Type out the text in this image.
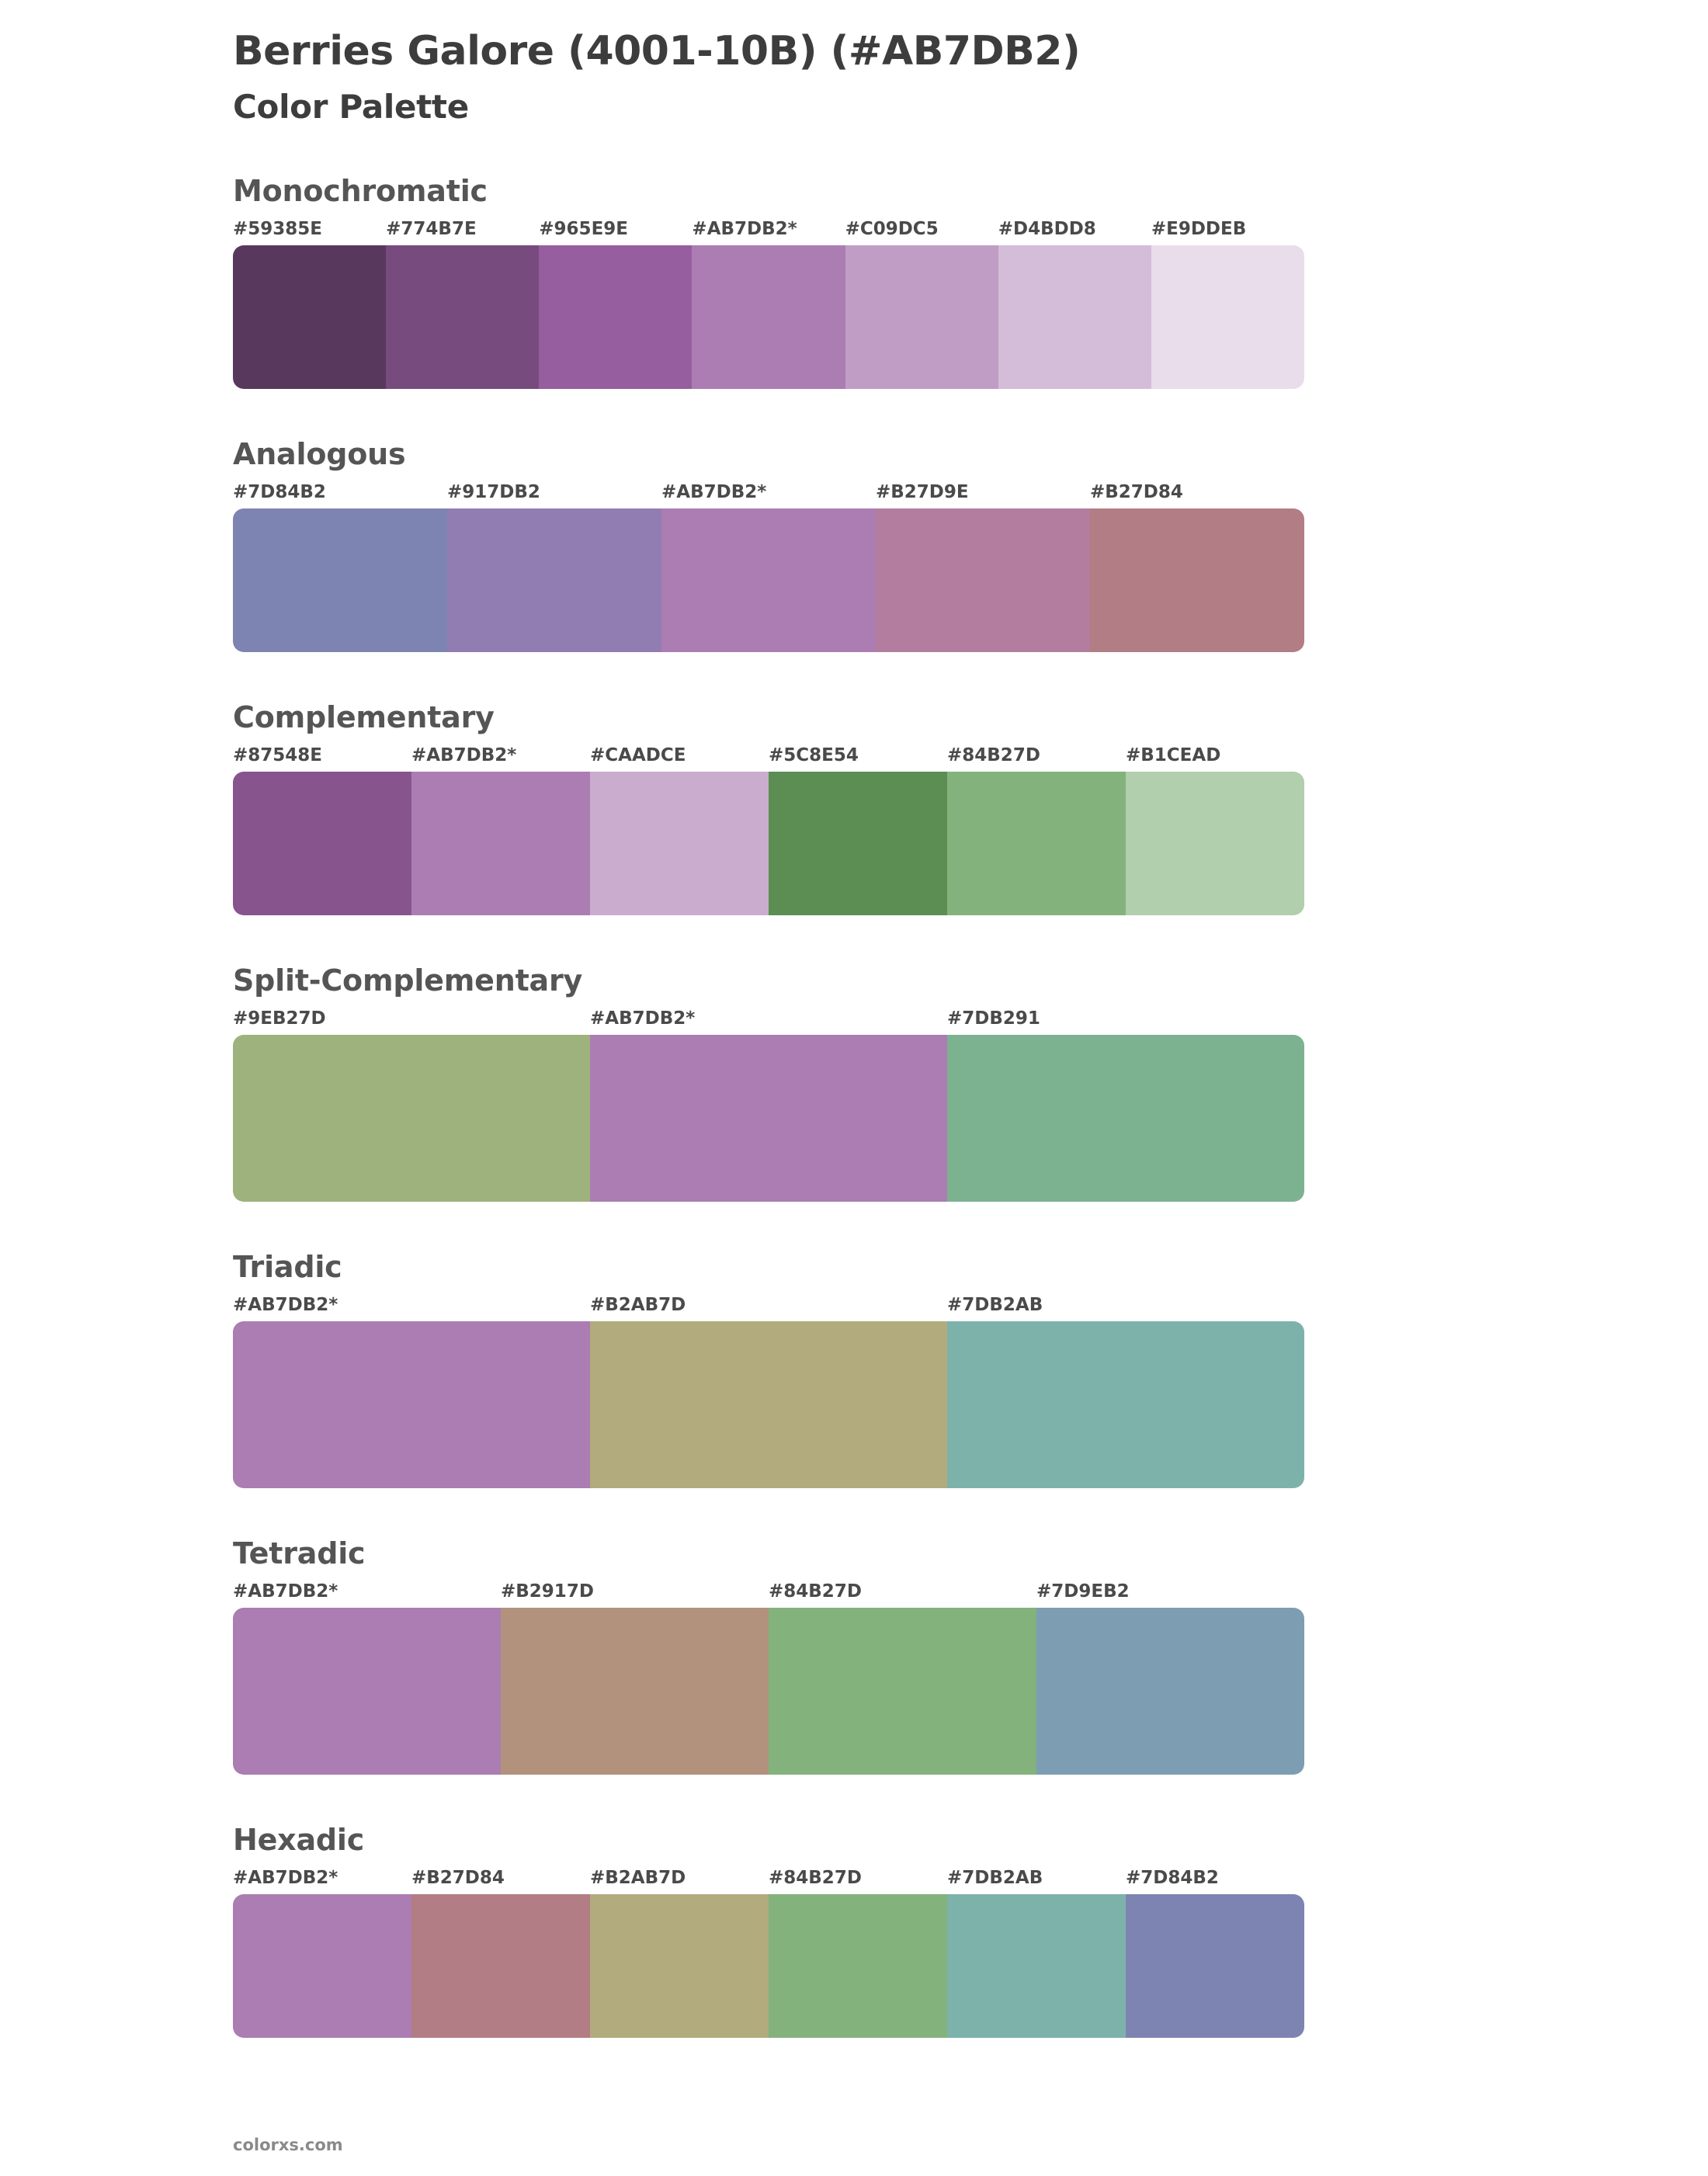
Berries Galore (4001-10B) (#AB7DB2)
Color Palette
Monochromatic
#59385E	#774B7E	#965E9E	#AB7DB2*	#C09DC5	#D4BDD8	#E9DDEB
Analogous
#7D84B2	#917DB2	#AB7DB2*	#B27D9E	#B27D84
Complementary
#87548E	#AB7DB2*	#CAADCE	#5C8E54	#84B27D	#B1CEAD
Split-Complementary
#9EB27D	#AB7DB2*	#7DB291
Triadic
#AB7DB2*	#B2AB7D	#7DB2AB
Tetradic
#AB7DB2*	#B2917D	#84B27D	#7D9EB2
Hexadic
#AB7DB2*	#B27D84	#B2AB7D	#84B27D	#7DB2AB	#7D84B2
colorxs.com
